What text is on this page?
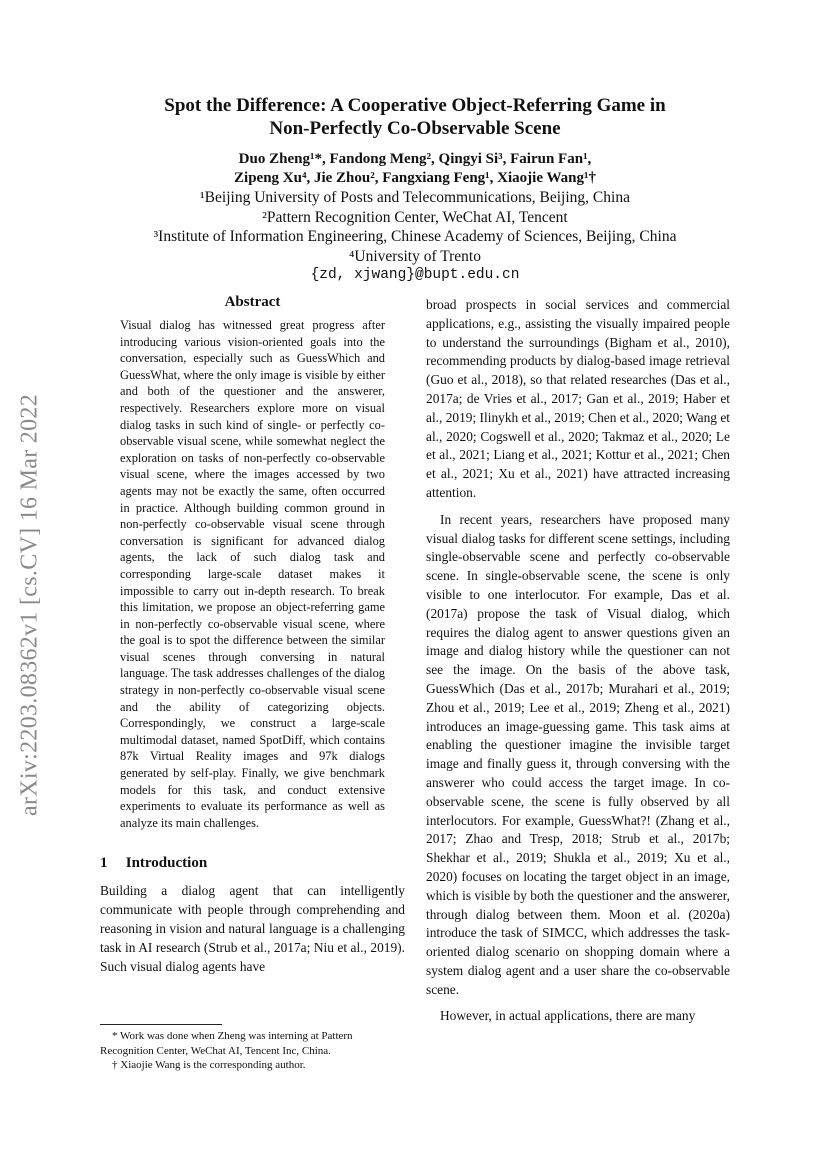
arXiv:2203.08362v1 [cs.CV] 16 Mar 2022
Spot the Difference: A Cooperative Object-Referring Game in
Non-Perfectly Co-Observable Scene
Duo Zheng¹*, Fandong Meng², Qingyi Si³, Fairun Fan¹,
Zipeng Xu⁴, Jie Zhou², Fangxiang Feng¹, Xiaojie Wang¹†
¹Beijing University of Posts and Telecommunications, Beijing, China
²Pattern Recognition Center, WeChat AI, Tencent
³Institute of Information Engineering, Chinese Academy of Sciences, Beijing, China
⁴University of Trento
{zd, xjwang}@bupt.edu.cn
Abstract

Visual dialog has witnessed great progress after introducing various vision-oriented goals into the conversation, especially such as GuessWhich and GuessWhat, where the only image is visible by either and both of the questioner and the answerer, respectively. Researchers explore more on visual dialog tasks in such kind of single- or perfectly co-observable visual scene, while somewhat neglect the exploration on tasks of non-perfectly co-observable visual scene, where the images accessed by two agents may not be exactly the same, often occurred in practice. Although building common ground in non-perfectly co-observable visual scene through conversation is significant for advanced dialog agents, the lack of such dialog task and corresponding large-scale dataset makes it impossible to carry out in-depth research. To break this limitation, we propose an object-referring game in non-perfectly co-observable visual scene, where the goal is to spot the difference between the similar visual scenes through conversing in natural language. The task addresses challenges of the dialog strategy in non-perfectly co-observable visual scene and the ability of categorizing objects. Correspondingly, we construct a large-scale multimodal dataset, named SpotDiff, which contains 87k Virtual Reality images and 97k dialogs generated by self-play. Finally, we give benchmark models for this task, and conduct extensive experiments to evaluate its performance as well as analyze its main challenges.

1 Introduction

Building a dialog agent that can intelligently communicate with people through comprehending and reasoning in vision and natural language is a challenging task in AI research (Strub et al., 2017a; Niu et al., 2019). Such visual dialog agents have

* Work was done when Zheng was interning at Pattern Recognition Center, WeChat AI, Tencent Inc, China.

† Xiaojie Wang is the corresponding author.

broad prospects in social services and commercial applications, e.g., assisting the visually impaired people to understand the surroundings (Bigham et al., 2010), recommending products by dialog-based image retrieval (Guo et al., 2018), so that related researches (Das et al., 2017a; de Vries et al., 2017; Gan et al., 2019; Haber et al., 2019; Ilinykh et al., 2019; Chen et al., 2020; Wang et al., 2020; Cogswell et al., 2020; Takmaz et al., 2020; Le et al., 2021; Liang et al., 2021; Kottur et al., 2021; Chen et al., 2021; Xu et al., 2021) have attracted increasing attention.

In recent years, researchers have proposed many visual dialog tasks for different scene settings, including single-observable scene and perfectly co-observable scene. In single-observable scene, the scene is only visible to one interlocutor. For example, Das et al. (2017a) propose the task of Visual dialog, which requires the dialog agent to answer questions given an image and dialog history while the questioner can not see the image. On the basis of the above task, GuessWhich (Das et al., 2017b; Murahari et al., 2019; Zhou et al., 2019; Lee et al., 2019; Zheng et al., 2021) introduces an image-guessing game. This task aims at enabling the questioner imagine the invisible target image and finally guess it, through conversing with the answerer who could access the target image. In co-observable scene, the scene is fully observed by all interlocutors. For example, GuessWhat?! (Zhang et al., 2017; Zhao and Tresp, 2018; Strub et al., 2017b; Shekhar et al., 2019; Shukla et al., 2019; Xu et al., 2020) focuses on locating the target object in an image, which is visible by both the questioner and the answerer, through dialog between them. Moon et al. (2020a) introduce the task of SIMCC, which addresses the task-oriented dialog scenario on shopping domain where a system dialog agent and a user share the co-observable scene.

However, in actual applications, there are many
